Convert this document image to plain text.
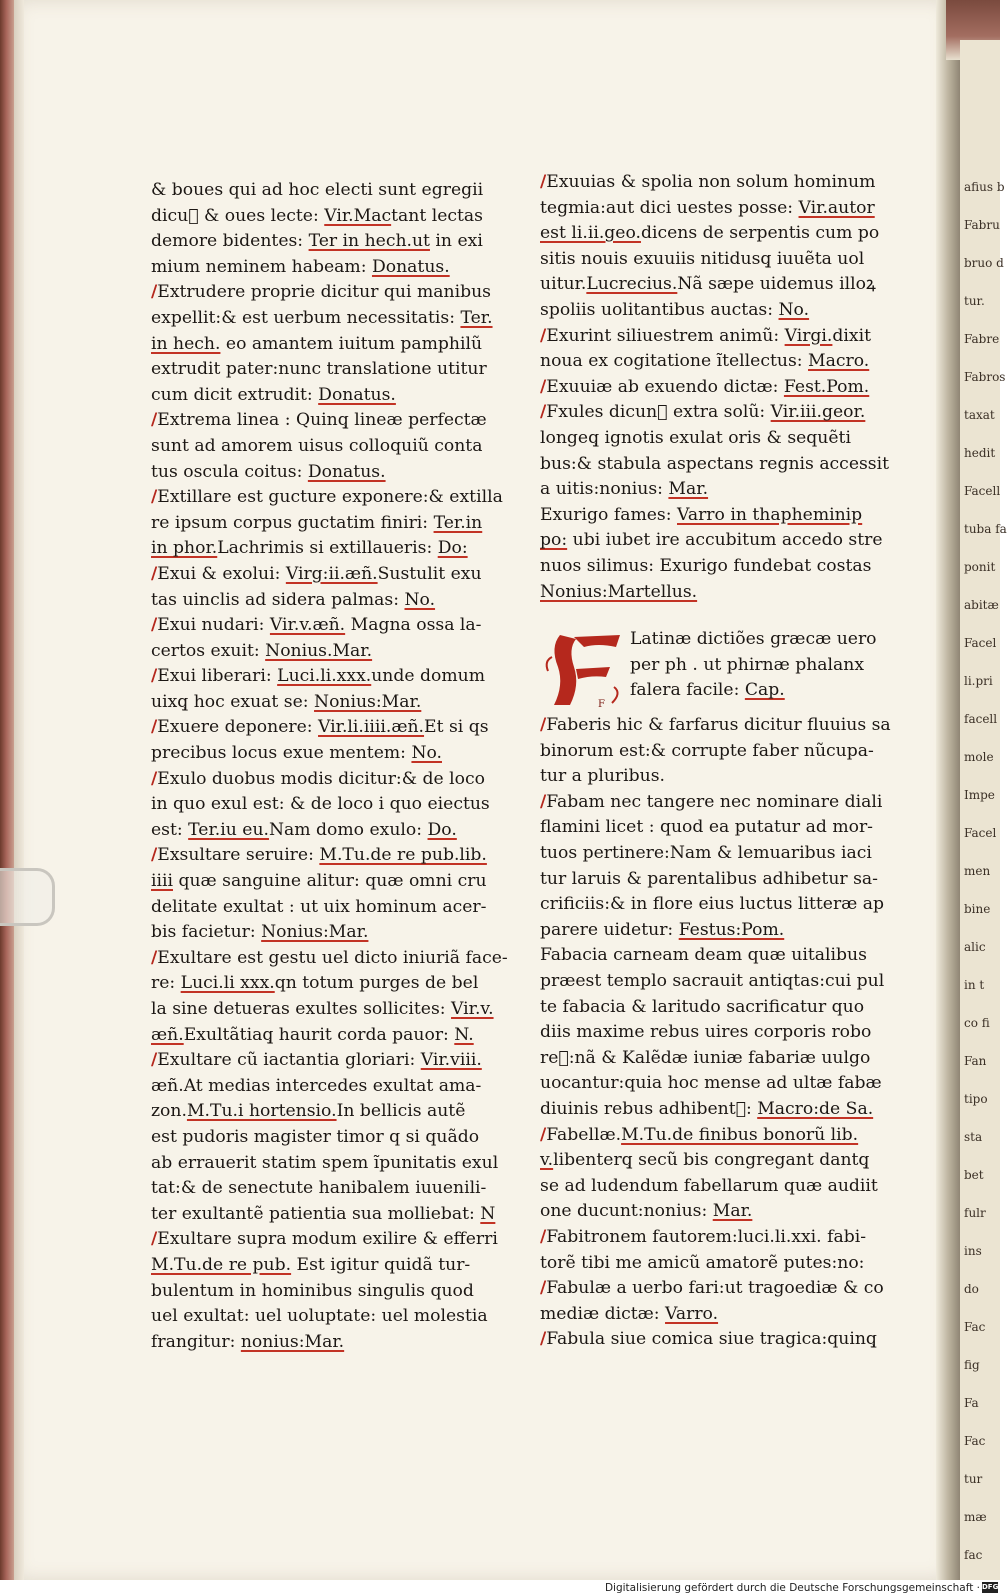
& boues qui ad hoc electi sunt egregii
dicuᷓ & oues lecte: Vir.Mactant lectas
demore bidentes: Ter in hech.ut in exi
mium neminem habeam: Donatus.
/Extrudere proprie dicitur qui manibus
expellit:& est uerbum necessitatis: Ter.
in hech. eo amantem iuitum pamphilũ
extrudit pater:nunc translatione utitur
cum dicit extrudit: Donatus.
/Extrema linea : Quinq̧ lineæ perfectæ
sunt ad amorem uisus colloquiũ conta
tus oscula coitus: Donatus.
/Extillare est gucture exponere:& extilla
re ipsum corpus guctatim finiri: Ter.in
in phor.Lachrimis si extillaueris: Do:
/Exui & exolui: Virg:ii.æñ.Sustulit exu
tas uinclis ad sidera palmas: No.
/Exui nudari: Vir.v.æñ. Magna ossa la-
certos exuit: Nonius.Mar.
/Exui liberari: Luci.li.xxx.unde domum
uixq̧ hoc exuat se: Nonius:Mar.
/Exuere deponere: Vir.li.iiii.æñ.Et si qs
precibus locus exue mentem: No.
/Exulo duobus modis dicitur:& de loco
in quo exul est: & de loco i quo eiectus
est: Ter.iu eu.Nam domo exulo: Do.
/Exsultare seruire: M.Tu.de re pub.lib.
iiii quæ sanguine alitur: quæ omni cru
delitate exultat : ut uix hominum acer-
bis facietur: Nonius:Mar.
/Exultare est gestu uel dicto iniuriã face-
re: Luci.li xxx.qn totum purges de bel
la sine detueras exultes sollicites: Vir.v.
æñ.Exultãtiaq̧ haurit corda pauor: N.
/Exultare cũ iactantia gloriari: Vir.viii.
æñ.At medias intercedes exultat ama-
zon.M.Tu.i hortensio.In bellicis autẽ
est pudoris magister timor q si quãdo
ab errauerit statim spem ĩpunitatis exul
tat:& de senectute hanibalem iuuenili-
ter exultantẽ patientia sua molliebat: N
/Exultare supra modum exilire & efferri
M.Tu.de re pub. Est igitur quidã tur-
bulentum in hominibus singulis quod
uel exultat: uel uoluptate: uel molestia
frangitur: nonius:Mar.
/Exuuias & spolia non solum hominum
tegmia:aut dici uestes posse: Vir.autor
est li.ii.geo.dicens de serpentis cum po
sitis nouis exuuiis nitidusq̧ iuuẽta uol
uitur.Lucrecius.Nã sæpe uidemus illoꝝ
spoliis uolitantibus auctas: No.
/Exurint siliuestrem animũ: Virgi.dixit
noua ex cogitatione ĩtellectus: Macro.
/Exuuiæ ab exuendo dictæ: Fest.Pom.
/Fxules dicunᷓ extra solũ: Vir.iii.geor.
longeq̧ ignotis exulat oris & sequẽti
bus:& stabula aspectans regnis accessit
a uitis:nonius: Mar.
Exurigo fames: Varro in thapheminip
po: ubi iubet ire accubitum accedo stre
nuos silimus: Exurigo fundebat costas
Nonius:Martellus.
F
Latinæ dictiões græcæ uero
per ph . ut phirnæ phalanx
falera facile: Cap.
/Faberis hic & farfarus dicitur fluuius sa
binorum est:& corrupte faber nũcupa-
tur a pluribus.
/Fabam nec tangere nec nominare diali
flamini licet : quod ea putatur ad mor-
tuos pertinere:Nam & lemuaribus iaci
tur laruis & parentalibus adhibetur sa-
crificiis:& in flore eius luctus litteræ ap
parere uidetur: Festus:Pom.
Fabacia carneam deam quæ uitalibus
præest templo sacrauit antiqtas:cui pul
te fabacia & laritudo sacrificatur quo
diis maxime rebus uires corporis robo
reᷓ:nã & Kalẽdæ iuniæ fabariæ uulgo
uocantur:quia hoc mense ad ultæ fabæ
diuinis rebus adhibentᷓ: Macro:de Sa.
/Fabellæ.M.Tu.de finibus bonorũ lib.
v.libenterq̧ secũ bis congregant dantq̧
se ad ludendum fabellarum quæ audiit
one ducunt:nonius: Mar.
/Fabitronem fautorem:luci.li.xxi. fabi-
torẽ tibi me amicũ amatorẽ putes:no:
/Fabulæ a uerbo fari:ut tragoediæ & co
mediæ dictæ: Varro.
/Fabula siue comica siue tragica:quinq̧
afius b
Fabru
bruo d
tur.
Fabre
Fabros
taxat
hedit
Facell
tuba fa
ponit
abitæ
Facel
li.pri
facell
mole
Impe
Facel
men
bine
alic
in t
co fi
Fan
tipo
sta
bet
fulr
ins
do
Fac
fig
Fa
Fac
tur
mæ
fac
Digitalisierung gefördert durch die Deutsche Forschungsgemeinschaft · DFG
